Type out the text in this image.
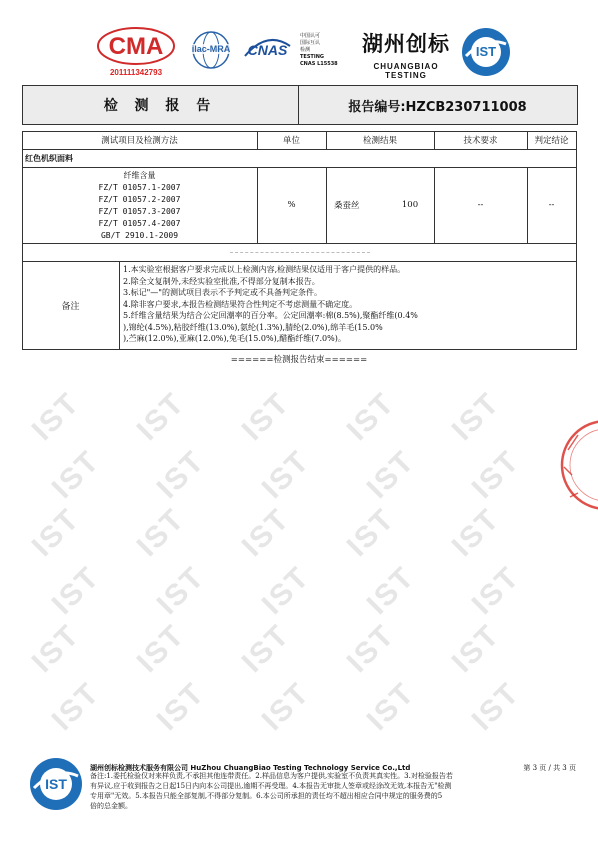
IST IST IST IST IST
IST IST IST IST IST
IST IST IST IST IST
IST IST IST IST IST
IST IST IST IST IST
IST IST IST IST IST
CMA
201111342793
ilac-MRA	CNAS
中国认可
国际互认
检测
TESTING
CNAS L15538
湖州创标
CHUANGBIAO
TESTING
IST
检 测 报 告	报告编号:HZCB230711008
测试项目及检测方法	单位	检测结果	技术要求	判定结论
红色机织面料
纤维含量
FZ/T 01057.1-2007
FZ/T 01057.2-2007
FZ/T 01057.3-2007
FZ/T 01057.4-2007
GB/T 2910.1-2009
%	桑蚕丝	100	--	--
备注
1.本实验室根据客户要求完成以上检测内容,检测结果仅适用于客户提供的样品。
2.除全文复制外,未经实验室批准,不得部分复制本报告。
3.标记"—"的测试项目表示不予判定或不具备判定条件。
4.除非客户要求,本报告检测结果符合性判定不考虑测量不确定度。
5.纤维含量结果为结合公定回潮率的百分率。公定回潮率:棉(8.5%),聚酯纤维(0.4%
),锦纶(4.5%),粘胶纤维(13.0%),氨纶(1.3%),腈纶(2.0%),绵羊毛(15.0%
),苎麻(12.0%),亚麻(12.0%),兔毛(15.0%),醋酯纤维(7.0%)。
======检测报告结束======
IST
湖州创标检测技术服务有限公司 HuZhou ChuangBiao Testing Technology Service Co.,Ltd	第 3 页 / 共 3 页
备注:1.委托检验仅对来样负责,不承担其他连带责任。2.样品信息为客户提供,实验室不负责其真实性。3.对检验报告若
有异议,应于收到报告之日起15日内向本公司提出,逾期不再受理。4.本报告无审批人签章或经涂改无效,本报告无"检测
专用章"无效。5.本报告只能全部复制,不得部分复制。6.本公司所承担的责任均不超出相应合同中规定的服务费的5
倍的总金额。
